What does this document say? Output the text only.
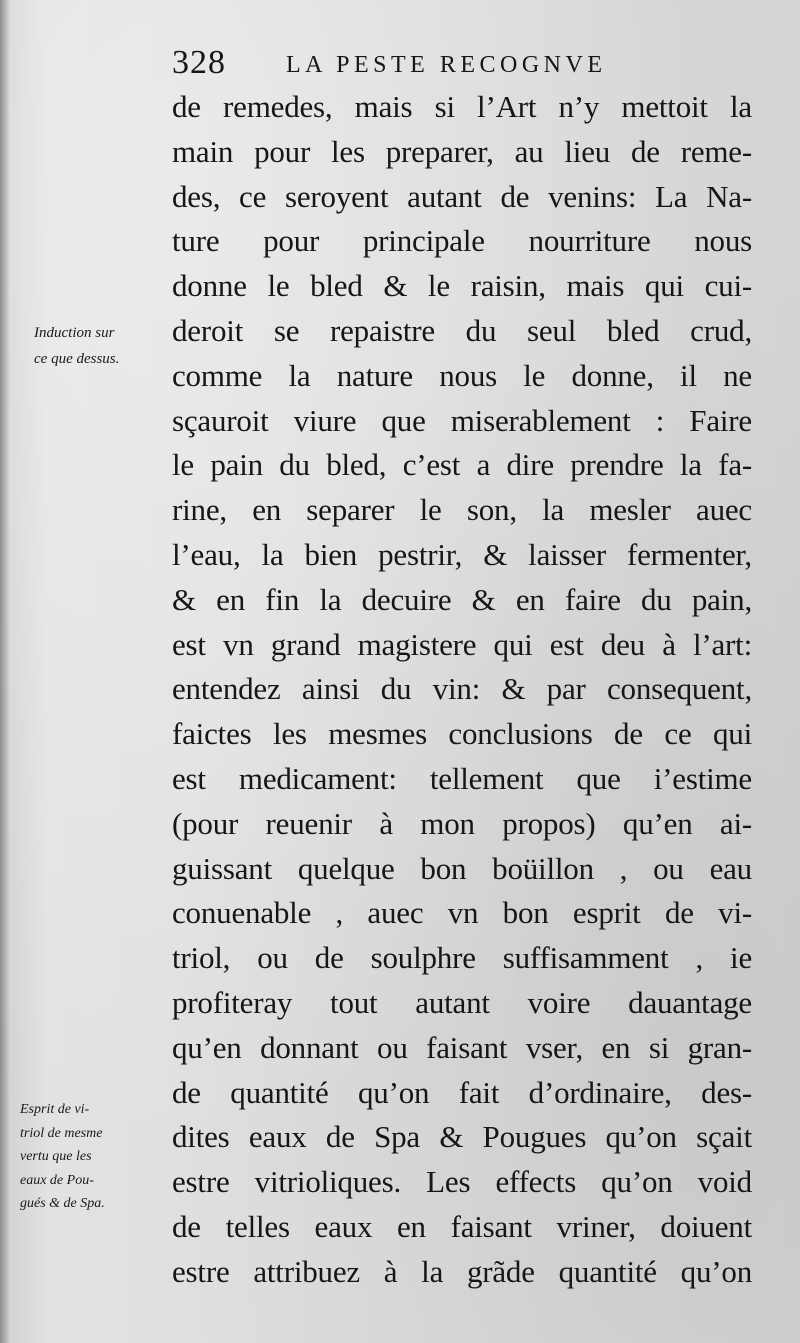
328	LA PESTE RECOGNVE
Induction sur
ce que dessus.
Esprit de vi-
triol de mesme
vertu que les
eaux de Pou-
gués & de Spa.
de remedes, mais si l’Art n’y mettoit la
main pour les preparer, au lieu de reme-
des, ce seroyent autant de venins: La Na-
ture pour principale nourriture nous
donne le bled & le raisin, mais qui cui-
deroit se repaistre du seul bled crud,
comme la nature nous le donne, il ne
sçauroit viure que miserablement : Faire
le pain du bled, c’est a dire prendre la fa-
rine, en separer le son, la mesler auec
l’eau, la bien pestrir, & laisser fermenter,
& en fin la decuire & en faire du pain,
est vn grand magistere qui est deu à l’art:
entendez ainsi du vin: & par consequent,
faictes les mesmes conclusions de ce qui
est medicament: tellement que i’estime
(pour reuenir à mon propos) qu’en ai-
guissant quelque bon boüillon , ou eau
conuenable , auec vn bon esprit de vi-
triol, ou de soulphre suffisamment , ie
profiteray tout autant voire dauantage
qu’en donnant ou faisant vser, en si gran-
de quantité qu’on fait d’ordinaire, des-
dites eaux de Spa & Pougues qu’on sçait
estre vitrioliques. Les effects qu’on void
de telles eaux en faisant vriner, doiuent
estre attribuez à la grãde quantité qu’on
